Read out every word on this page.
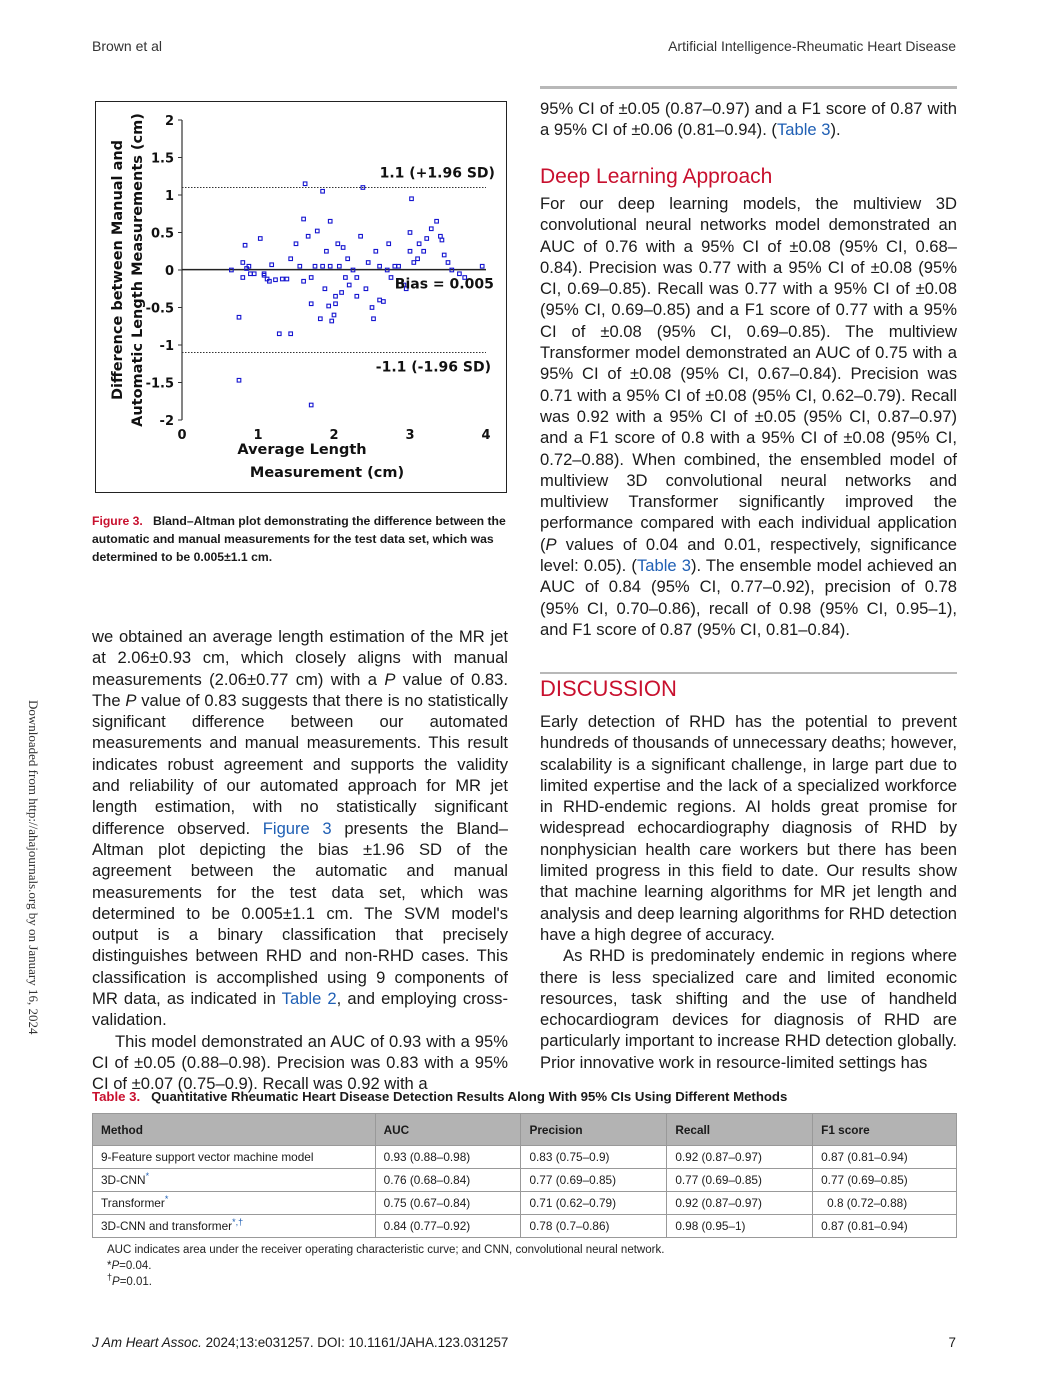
Brown et al	Artificial Intelligence-Rheumatic Heart Disease
2
1.5
1
0.5
0
-0.5
-1
-1.5
-2
0	1	2	3	4
1.1 (+1.96 SD)
Bias = 0.005
-1.1 (-1.96 SD)
Average Length
Measurement (cm)
Difference between Manual and Automatic Length Measurements (cm)
Figure 3. Bland–Altman plot demonstrating the difference between the automatic and manual measurements for the test data set, which was determined to be 0.005±1.1 cm.

we obtained an average length estimation of the MR jet at 2.06±0.93 cm, which closely aligns with manual measurements (2.06±0.77 cm) with a P value of 0.83. The P value of 0.83 suggests that there is no statistically significant difference between our automated measurements and manual measurements. This result indicates robust agreement and supports the validity and reliability of our automated approach for MR jet length estimation, with no statistically significant difference observed. Figure 3 presents the Bland–Altman plot depicting the bias ±1.96 SD of the agreement between the automatic and manual measurements for the test data set, which was determined to be 0.005±1.1 cm. The SVM model's output is a binary classification that precisely distinguishes between RHD and non-RHD cases. This classification is accomplished using 9 components of MR data, as indicated in Table 2, and employing cross-validation.

This model demonstrated an AUC of 0.93 with a 95% CI of ±0.05 (0.88–0.98). Precision was 0.83 with a 95% CI of ±0.07 (0.75–0.9). Recall was 0.92 with a

95% CI of ±0.05 (0.87–0.97) and a F1 score of 0.87 with a 95% CI of ±0.06 (0.81–0.94). (Table 3).

Deep Learning Approach

For our deep learning models, the multiview 3D convolutional neural networks model demonstrated an AUC of 0.76 with a 95% CI of ±0.08 (95% CI, 0.68– 0.84). Precision was 0.77 with a 95% CI of ±0.08 (95% CI, 0.69–0.85). Recall was 0.77 with a 95% CI of ±0.08 (95% CI, 0.69–0.85) and a F1 score of 0.77 with a 95% CI of ±0.08 (95% CI, 0.69–0.85). The multiview Transformer model demonstrated an AUC of 0.75 with a 95% CI of ±0.08 (95% CI, 0.67–0.84). Precision was 0.71 with a 95% CI of ±0.08 (95% CI, 0.62–0.79). Recall was 0.92 with a 95% CI of ±0.05 (95% CI, 0.87–0.97) and a F1 score of 0.8 with a 95% CI of ±0.08 (95% CI, 0.72–0.88). When combined, the ensembled model of multiview 3D convolutional neural networks and multiview Transformer significantly improved the performance compared with each individual application (P values of 0.04 and 0.01, respectively, significance level: 0.05). (Table 3). The ensemble model achieved an AUC of 0.84 (95% CI, 0.77–0.92), precision of 0.78 (95% CI, 0.70–0.86), recall of 0.98 (95% CI, 0.95–1), and F1 score of 0.87 (95% CI, 0.81–0.84).

DISCUSSION

Early detection of RHD has the potential to prevent hundreds of thousands of unnecessary deaths; however, scalability is a significant challenge, in large part due to limited expertise and the lack of a specialized workforce in RHD-endemic regions. AI holds great promise for widespread echocardiography diagnosis of RHD by nonphysician health care workers but there has been limited progress in this field to date. Our results show that machine learning algorithms for MR jet length and analysis and deep learning algorithms for RHD detection have a high degree of accuracy.

As RHD is predominately endemic in regions where there is less specialized care and limited economic resources, task shifting and the use of handheld echocardiogram devices for diagnosis of RHD are particularly important to increase RHD detection globally. Prior innovative work in resource-limited settings has

Downloaded from http://ahajournals.org by on January 16, 2024
Table 3. Quantitative Rheumatic Heart Disease Detection Results Along With 95% CIs Using Different Methods
Method	AUC	Precision	Recall	F1 score
9-Feature support vector machine model	0.93 (0.88–0.98)	0.83 (0.75–0.9)	0.92 (0.87–0.97)	0.87 (0.81–0.94)
3D-CNN*	0.76 (0.68–0.84)	0.77 (0.69–0.85)	0.77 (0.69–0.85)	0.77 (0.69–0.85)
Transformer*	0.75 (0.67–0.84)	0.71 (0.62–0.79)	0.92 (0.87–0.97)	0.8 (0.72–0.88)
3D-CNN and transformer*,†	0.84 (0.77–0.92)	0.78 (0.7–0.86)	0.98 (0.95–1)	0.87 (0.81–0.94)
AUC indicates area under the receiver operating characteristic curve; and CNN, convolutional neural network.
*P=0.04.
†P=0.01.
J Am Heart Assoc. 2024;13:e031257. DOI: 10.1161/JAHA.123.031257	7
